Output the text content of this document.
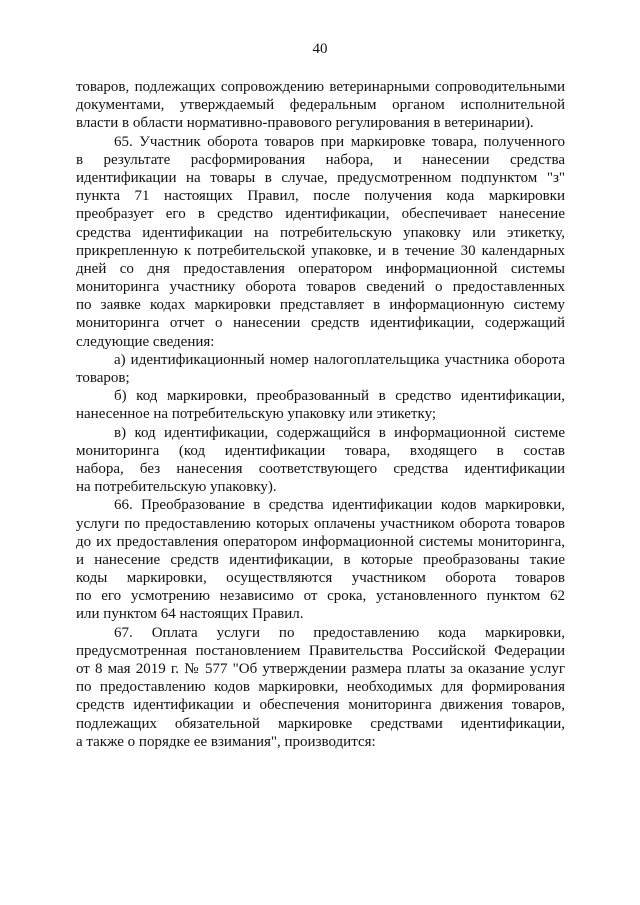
40
товаров, подлежащих сопровождению ветеринарными сопроводительными
документами, утверждаемый федеральным органом исполнительной
власти в области нормативно-правового регулирования в ветеринарии).
65. Участник оборота товаров при маркировке товара, полученного
в результате расформирования набора, и нанесении средства
идентификации на товары в случае, предусмотренном подпунктом "з"
пункта 71 настоящих Правил, после получения кода маркировки
преобразует его в средство идентификации, обеспечивает нанесение
средства идентификации на потребительскую упаковку или этикетку,
прикрепленную к потребительской упаковке, и в течение 30 календарных
дней со дня предоставления оператором информационной системы
мониторинга участнику оборота товаров сведений о предоставленных
по заявке кодах маркировки представляет в информационную систему
мониторинга отчет о нанесении средств идентификации, содержащий
следующие сведения:
а) идентификационный номер налогоплательщика участника оборота
товаров;
б) код маркировки, преобразованный в средство идентификации,
нанесенное на потребительскую упаковку или этикетку;
в) код идентификации, содержащийся в информационной системе
мониторинга (код идентификации товара, входящего в состав
набора, без нанесения соответствующего средства идентификации
на потребительскую упаковку).
66. Преобразование в средства идентификации кодов маркировки,
услуги по предоставлению которых оплачены участником оборота товаров
до их предоставления оператором информационной системы мониторинга,
и нанесение средств идентификации, в которые преобразованы такие
коды маркировки, осуществляются участником оборота товаров
по его усмотрению независимо от срока, установленного пунктом 62
или пунктом 64 настоящих Правил.
67. Оплата услуги по предоставлению кода маркировки,
предусмотренная постановлением Правительства Российской Федерации
от 8 мая 2019 г. № 577 "Об утверждении размера платы за оказание услуг
по предоставлению кодов маркировки, необходимых для формирования
средств идентификации и обеспечения мониторинга движения товаров,
подлежащих обязательной маркировке средствами идентификации,
а также о порядке ее взимания", производится:
